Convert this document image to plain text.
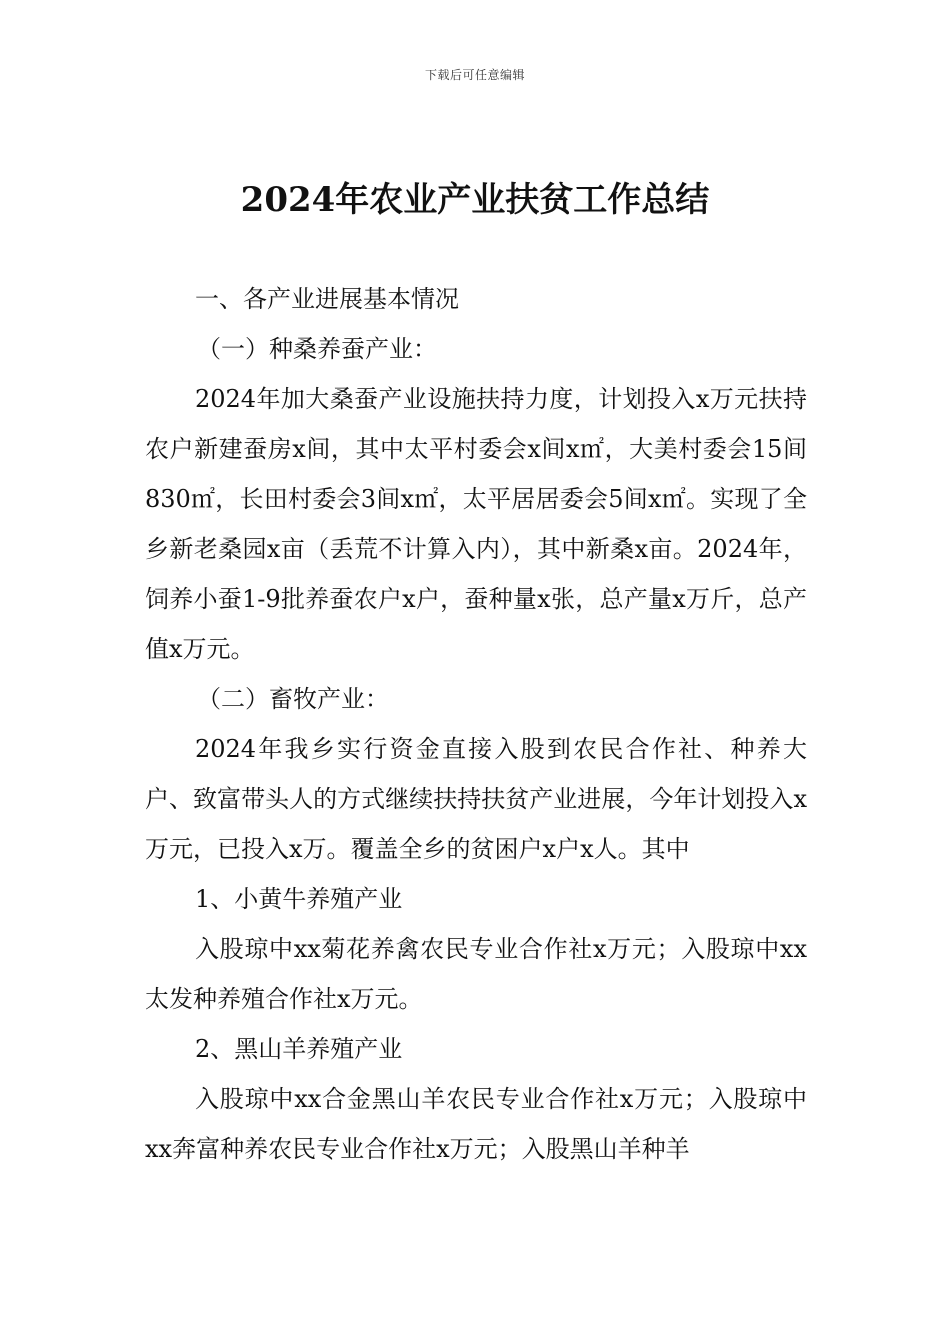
下载后可任意编辑
2024年农业产业扶贫工作总结

一、各产业进展基本情况

（一）种桑养蚕产业：

2024年加大桑蚕产业设施扶持力度，计划投入x万元扶持农户新建蚕房x间，其中太平村委会x间x㎡，大美村委会15间830㎡，长田村委会3间x㎡，太平居居委会5间x㎡。实现了全乡新老桑园x亩（丢荒不计算入内），其中新桑x亩。2024年，饲养小蚕1-9批养蚕农户x户，蚕种量x张，总产量x万斤，总产值x万元。

（二）畜牧产业：

2024年我乡实行资金直接入股到农民合作社、种养大户、致富带头人的方式继续扶持扶贫产业进展，今年计划投入x万元，已投入x万。覆盖全乡的贫困户x户x人。其中

1、小黄牛养殖产业

入股琼中xx菊花养禽农民专业合作社x万元；入股琼中xx太发种养殖合作社x万元。

2、黑山羊养殖产业

入股琼中xx合金黑山羊农民专业合作社x万元；入股琼中xx奔富种养农民专业合作社x万元；入股黑山羊种羊
